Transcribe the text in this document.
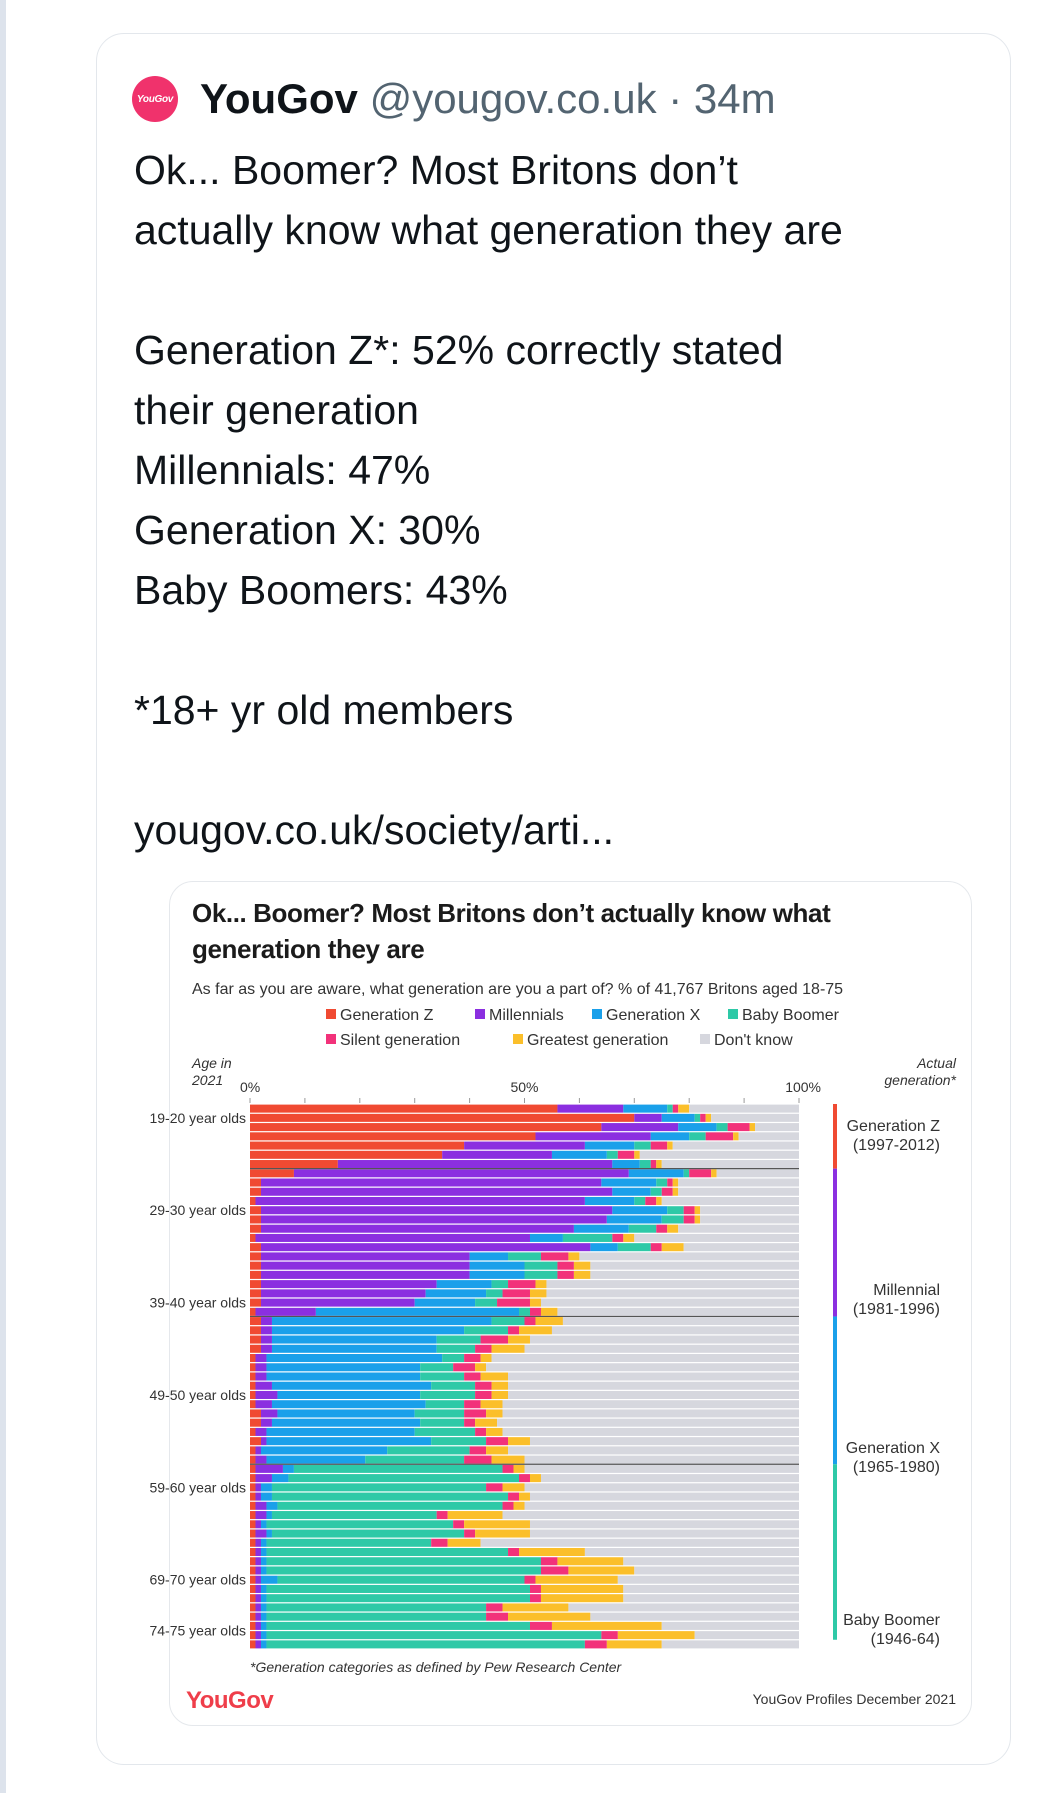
YouGov YouGov @yougov.co.uk · 34m
Ok... Boomer? Most Britons don’t
actually know what generation they are
Generation Z*: 52% correctly stated
their generation
Millennials: 47%
Generation X: 30%
Baby Boomers: 43%
*18+ yr old members
yougov.co.uk/society/arti...
Ok... Boomer? Most Britons don’t actually know what
generation they are
As far as you are aware, what generation are you a part of? % of 41,767 Britons aged 18-75
Generation Z	Millennials	Generation X	Baby Boomer
Silent generation	Greatest generation	Don't know
Age in
2021
Actual
generation*
0%	50%	100%
Generation Z
(1997-2012)
Millennial
(1981-1996)
Generation X
(1965-1980)
Baby Boomer
(1946-64)
19-20 year olds
29-30 year olds
39-40 year olds
49-50 year olds
59-60 year olds
69-70 year olds
74-75 year olds
*Generation categories as defined by Pew Research Center
YouGov	YouGov Profiles December 2021
